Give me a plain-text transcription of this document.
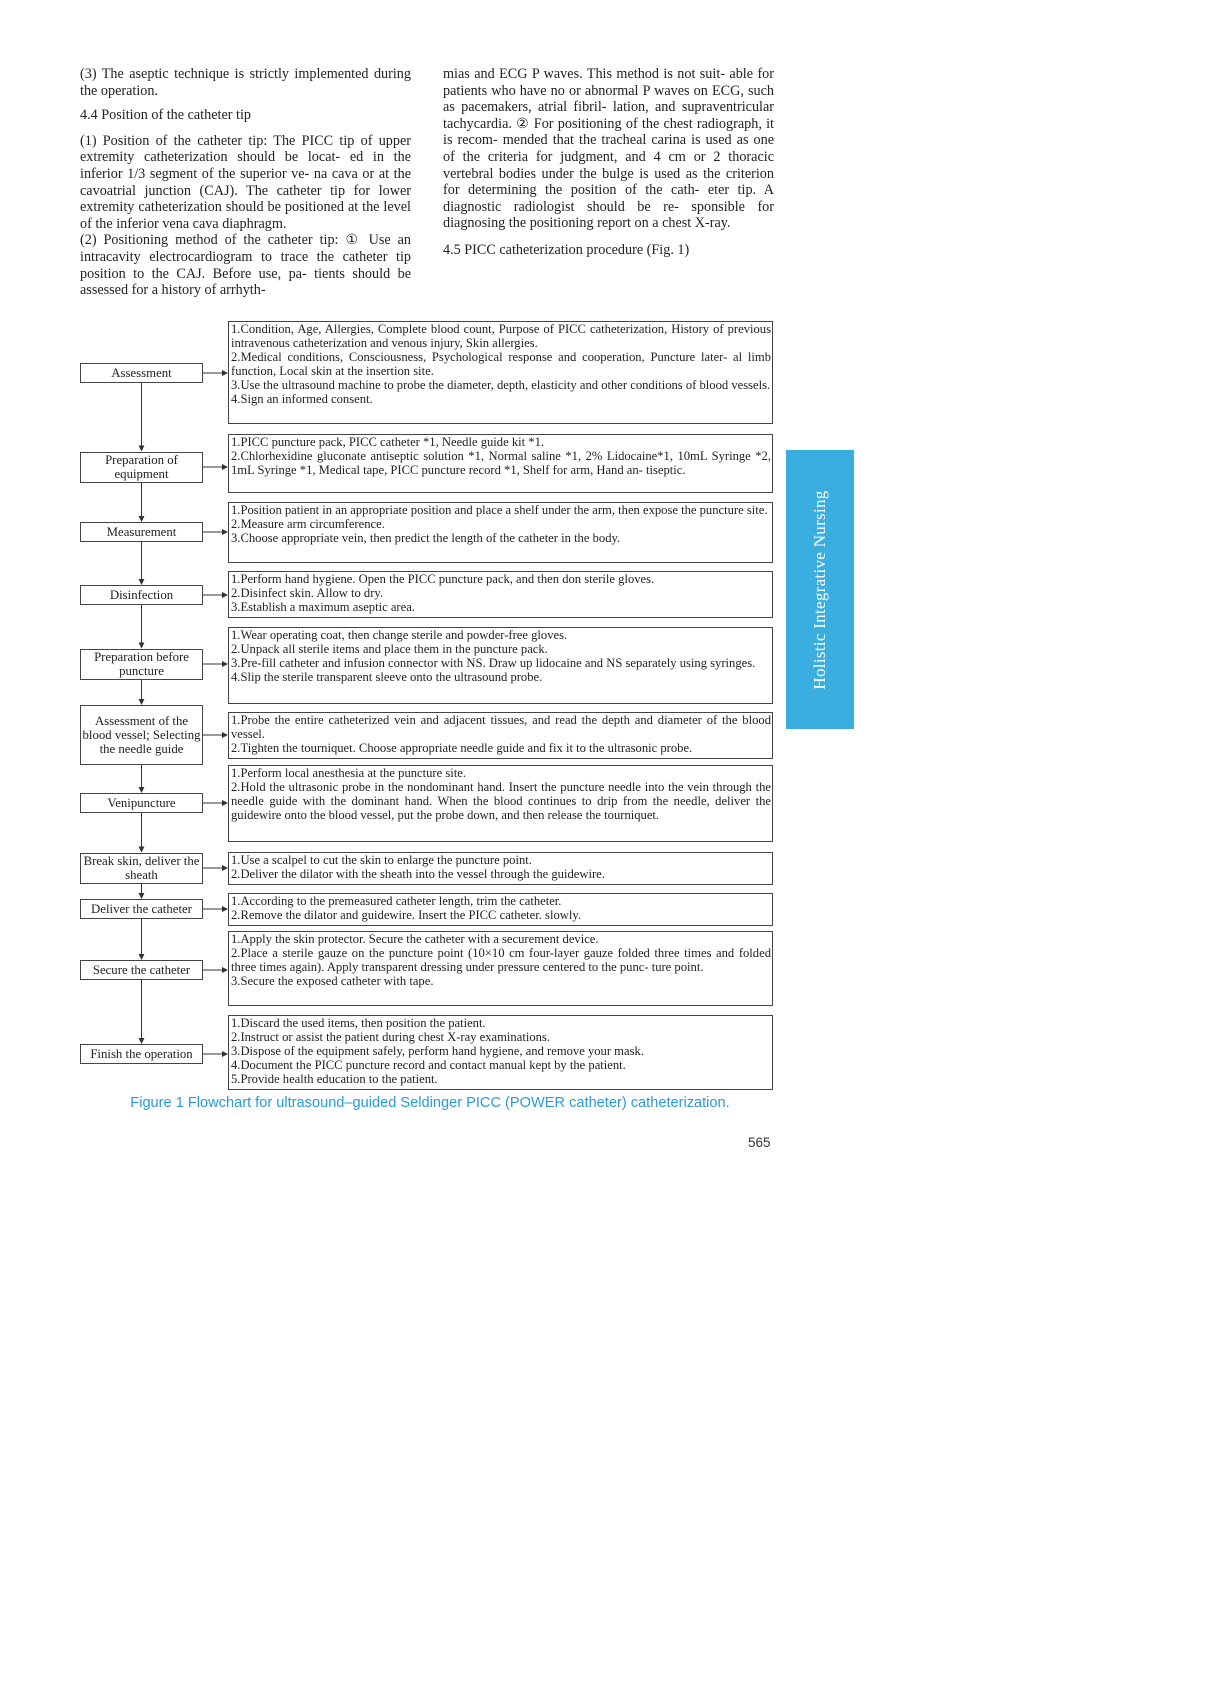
(3) The aseptic technique is strictly implemented during the operation.

4.4 Position of the catheter tip

(1) Position of the catheter tip: The PICC tip of upper extremity catheterization should be locat- ed in the inferior 1/3 segment of the superior ve- na cava or at the cavoatrial junction (CAJ). The catheter tip for lower extremity catheterization should be positioned at the level of the inferior vena cava diaphragm.

(2) Positioning method of the catheter tip: ① Use an intracavity electrocardiogram to trace the catheter tip position to the CAJ. Before use, pa- tients should be assessed for a history of arrhyth-

mias and ECG P waves. This method is not suit- able for patients who have no or abnormal P waves on ECG, such as pacemakers, atrial fibril- lation, and supraventricular tachycardia. ② For positioning of the chest radiograph, it is recom- mended that the tracheal carina is used as one of the criteria for judgment, and 4 cm or 2 thoracic vertebral bodies under the bulge is used as the criterion for determining the position of the cath- eter tip. A diagnostic radiologist should be re- sponsible for diagnosing the positioning report on a chest X-ray.

4.5 PICC catheterization procedure (Fig. 1)
Holistic Integrative Nursing
Assessment
1.Condition, Age, Allergies, Complete blood count, Purpose of PICC catheterization, History of previous intravenous catheterization and venous injury, Skin allergies.
2.Medical conditions, Consciousness, Psychological response and cooperation, Puncture later- al limb function, Local skin at the insertion site.
3.Use the ultrasound machine to probe the diameter, depth, elasticity and other conditions of blood vessels.
4.Sign an informed consent.
Preparation of equipment
1.PICC puncture pack, PICC catheter *1, Needle guide kit *1.
2.Chlorhexidine gluconate antiseptic solution *1, Normal saline *1, 2% Lidocaine*1, 10mL Syringe *2, 1mL Syringe *1, Medical tape, PICC puncture record *1, Shelf for arm, Hand an- tiseptic.
Measurement
1.Position patient in an appropriate position and place a shelf under the arm, then expose the puncture site.
2.Measure arm circumference.
3.Choose appropriate vein, then predict the length of the catheter in the body.
Disinfection
1.Perform hand hygiene. Open the PICC puncture pack, and then don sterile gloves.
2.Disinfect skin. Allow to dry.
3.Establish a maximum aseptic area.
Preparation before puncture
1.Wear operating coat, then change sterile and powder-free gloves.
2.Unpack all sterile items and place them in the puncture pack.
3.Pre-fill catheter and infusion connector with NS. Draw up lidocaine and NS separately using syringes.
4.Slip the sterile transparent sleeve onto the ultrasound probe.
Assessment of the blood vessel; Selecting the needle guide
1.Probe the entire catheterized vein and adjacent tissues, and read the depth and diameter of the blood vessel.
2.Tighten the tourniquet. Choose appropriate needle guide and fix it to the ultrasonic probe.
Venipuncture
1.Perform local anesthesia at the puncture site.
2.Hold the ultrasonic probe in the nondominant hand. Insert the puncture needle into the vein through the needle guide with the dominant hand. When the blood continues to drip from the needle, deliver the guidewire onto the blood vessel, put the probe down, and then release the tourniquet.
Break skin, deliver the sheath
1.Use a scalpel to cut the skin to enlarge the puncture point.
2.Deliver the dilator with the sheath into the vessel through the guidewire.
Deliver the catheter
1.According to the premeasured catheter length, trim the catheter.
2.Remove the dilator and guidewire. Insert the PICC catheter. slowly.
Secure the catheter
1.Apply the skin protector. Secure the catheter with a securement device.
2.Place a sterile gauze on the puncture point (10×10 cm four-layer gauze folded three times and folded three times again). Apply transparent dressing under pressure centered to the punc- ture point.
3.Secure the exposed catheter with tape.
Finish the operation
1.Discard the used items, then position the patient.
2.Instruct or assist the patient during chest X-ray examinations.
3.Dispose of the equipment safely, perform hand hygiene, and remove your mask.
4.Document the PICC puncture record and contact manual kept by the patient.
5.Provide health education to the patient.
Figure 1 Flowchart for ultrasound–guided Seldinger PICC (POWER catheter) catheterization.
565
